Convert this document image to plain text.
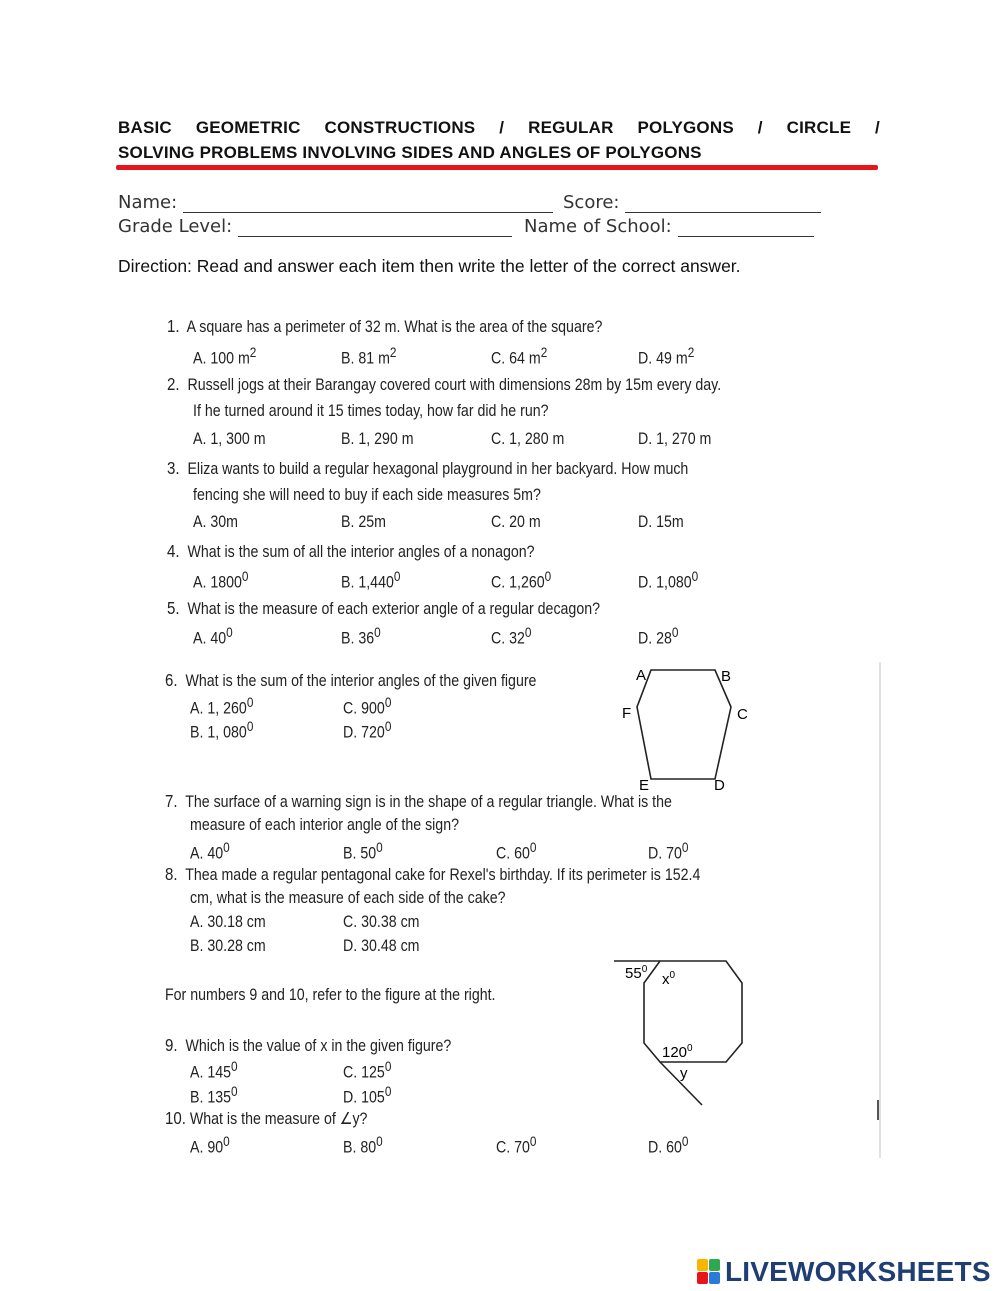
BASIC GEOMETRIC CONSTRUCTIONS / REGULAR POLYGONS / CIRCLE /
SOLVING PROBLEMS INVOLVING SIDES AND ANGLES OF POLYGONS
Name:	Score:
Grade Level:	Name of School:
Direction: Read and answer each item then write the letter of the correct answer.
1. A square has a perimeter of 32 m. What is the area of the square?
A. 100 $m^2$	B. 81 $m^2$	C. 64 $m^2$	D. 49 $m^2$
2. Russell jogs at their Barangay covered court with dimensions 28m by 15m every day.
If he turned around it 15 times today, how far did he run?
A. 1, 300 m	B. 1, 290 m	C. 1, 280 m	D. 1, 270 m
3. Eliza wants to build a regular hexagonal playground in her backyard. How much
fencing she will need to buy if each side measures 5m?
A. 30m	B. 25m	C. 20 m	D. 15m
4. What is the sum of all the interior angles of a nonagon?
A. 1800$^0$	B. 1,440$^0$	C. 1,260$^0$	D. 1,080$^0$
5. What is the measure of each exterior angle of a regular decagon?
A. $40^0$	B. $36^0$	C. $32^0$	D. $28^0$
6. What is the sum of the interior angles of the given figure
A. 1, $260^0$	C. $900^0$
B. 1, $080^0$	D. $720^0$
A	B
C
D
E
F
7. The surface of a warning sign is in the shape of a regular triangle. What is the
measure of each interior angle of the sign?
A. $40^0$	B. $50^0$	C. $60^0$	D. $70^0$
8. Thea made a regular pentagonal cake for Rexel's birthday. If its perimeter is 152.4
cm, what is the measure of each side of the cake?
A. 30.18 cm	C. 30.38 cm
B. 30.28 cm	D. 30.48 cm
For numbers 9 and 10, refer to the figure at the right.
$55^0$
$x^0$
$120^0$
y
9. Which is the value of x in the given figure?
A. $145^0$	C. $125^0$
B. $135^0$	D. $105^0$
10. What is the measure of ∠y?
A. $90^0$	B. $80^0$	C. $70^0$	D. $60^0$
LIVEWORKSHEETS
